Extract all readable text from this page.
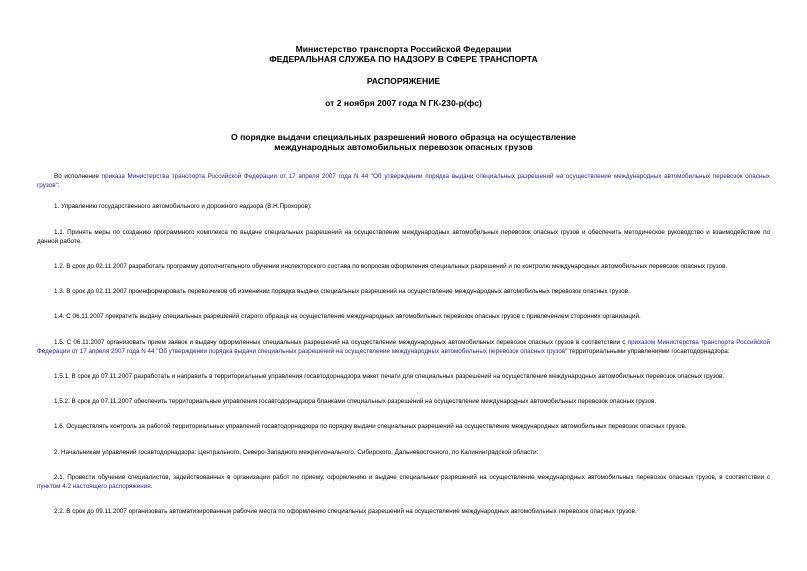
Министерство транспорта Российской Федерации

ФЕДЕРАЛЬНАЯ СЛУЖБА ПО НАДЗОРУ В СФЕРЕ ТРАНСПОРТА

РАСПОРЯЖЕНИЕ

от 2 ноября 2007 года N ГК-230-р(фс)

О порядке выдачи специальных разрешений нового образца на осуществление

международных автомобильных перевозок опасных грузов

Во исполнение приказа Министерства транспорта Российской Федерации от 17 апреля 2007 года N 44 "Об утверждении порядка выдачи специальных разрешений на осуществление международных автомобильных перевозок опасных грузов":

1. Управлению государственного автомобильного и дорожного надзора (В.Н.Прохоров):

1.1. Принять меры по созданию программного комплекса по выдаче специальных разрешений на осуществление международных автомобильных перевозок опасных грузов и обеспечить методическое руководство и взаимодействие по данной работе.

1.2. В срок до 02.11.2007 разработать программу дополнительного обучения инспекторского состава по вопросам оформления специальных разрешений и по контролю международных автомобильных перевозок опасных грузов.

1.3. В срок до 02.11.2007 проинформировать перевозчиков об изменении порядка выдачи специальных разрешений на осуществление международных автомобильных перевозок опасных грузов.

1.4. С 06.11.2007 прекратить выдачу специальных разрешений старого образца на осуществление международных автомобильных перевозок опасных грузов с привлечением сторонних организаций.

1.5. С 06.11.2007 организовать прием заявок и выдачу оформленных специальных разрешений на осуществление международных автомобильных перевозок опасных грузов в соответствии с приказом Министерства транспорта Российской Федерации от 17 апреля 2007 года N 44 "Об утверждении порядка выдачи специальных разрешений на осуществление международных автомобильных перевозок опасных грузов" территориальными управлениями госавтодорнадзора:

1.5.1. В срок до 07.11.2007 разработать и направить в территориальные управления госавтодорнадзора макет печати для специальных разрешений на осуществление международных автомобильных перевозок опасных грузов.

1.5.2. В срок до 07.11.2007 обеспечить территориальные управления госавтодорнадзора бланками специальных разрешений на осуществление международных автомобильных перевозок опасных грузов.

1.6. Осуществлять контроль за работой территориальных управлений госавтодорнадзора по порядку выдачи специальных разрешений на осуществление международных автомобильных перевозок опасных грузов.

2. Начальникам управлений госавтодорнадзора: Центрального, Северо-Западного межрегионального, Сибирского, Дальневосточного, по Калининградской области:

2.1. Провести обучение специалистов, задействованных в организации работ по приему, оформлению и выдаче специальных разрешений на осуществление международных автомобильных перевозок опасных грузов, в соответствии с пунктом 4.2 настоящего распоряжения.

2.2. В срок до 09.11.2007 организовать автоматизированные рабочие места по оформлению специальных разрешений на осуществление международных автомобильных перевозок опасных грузов.
